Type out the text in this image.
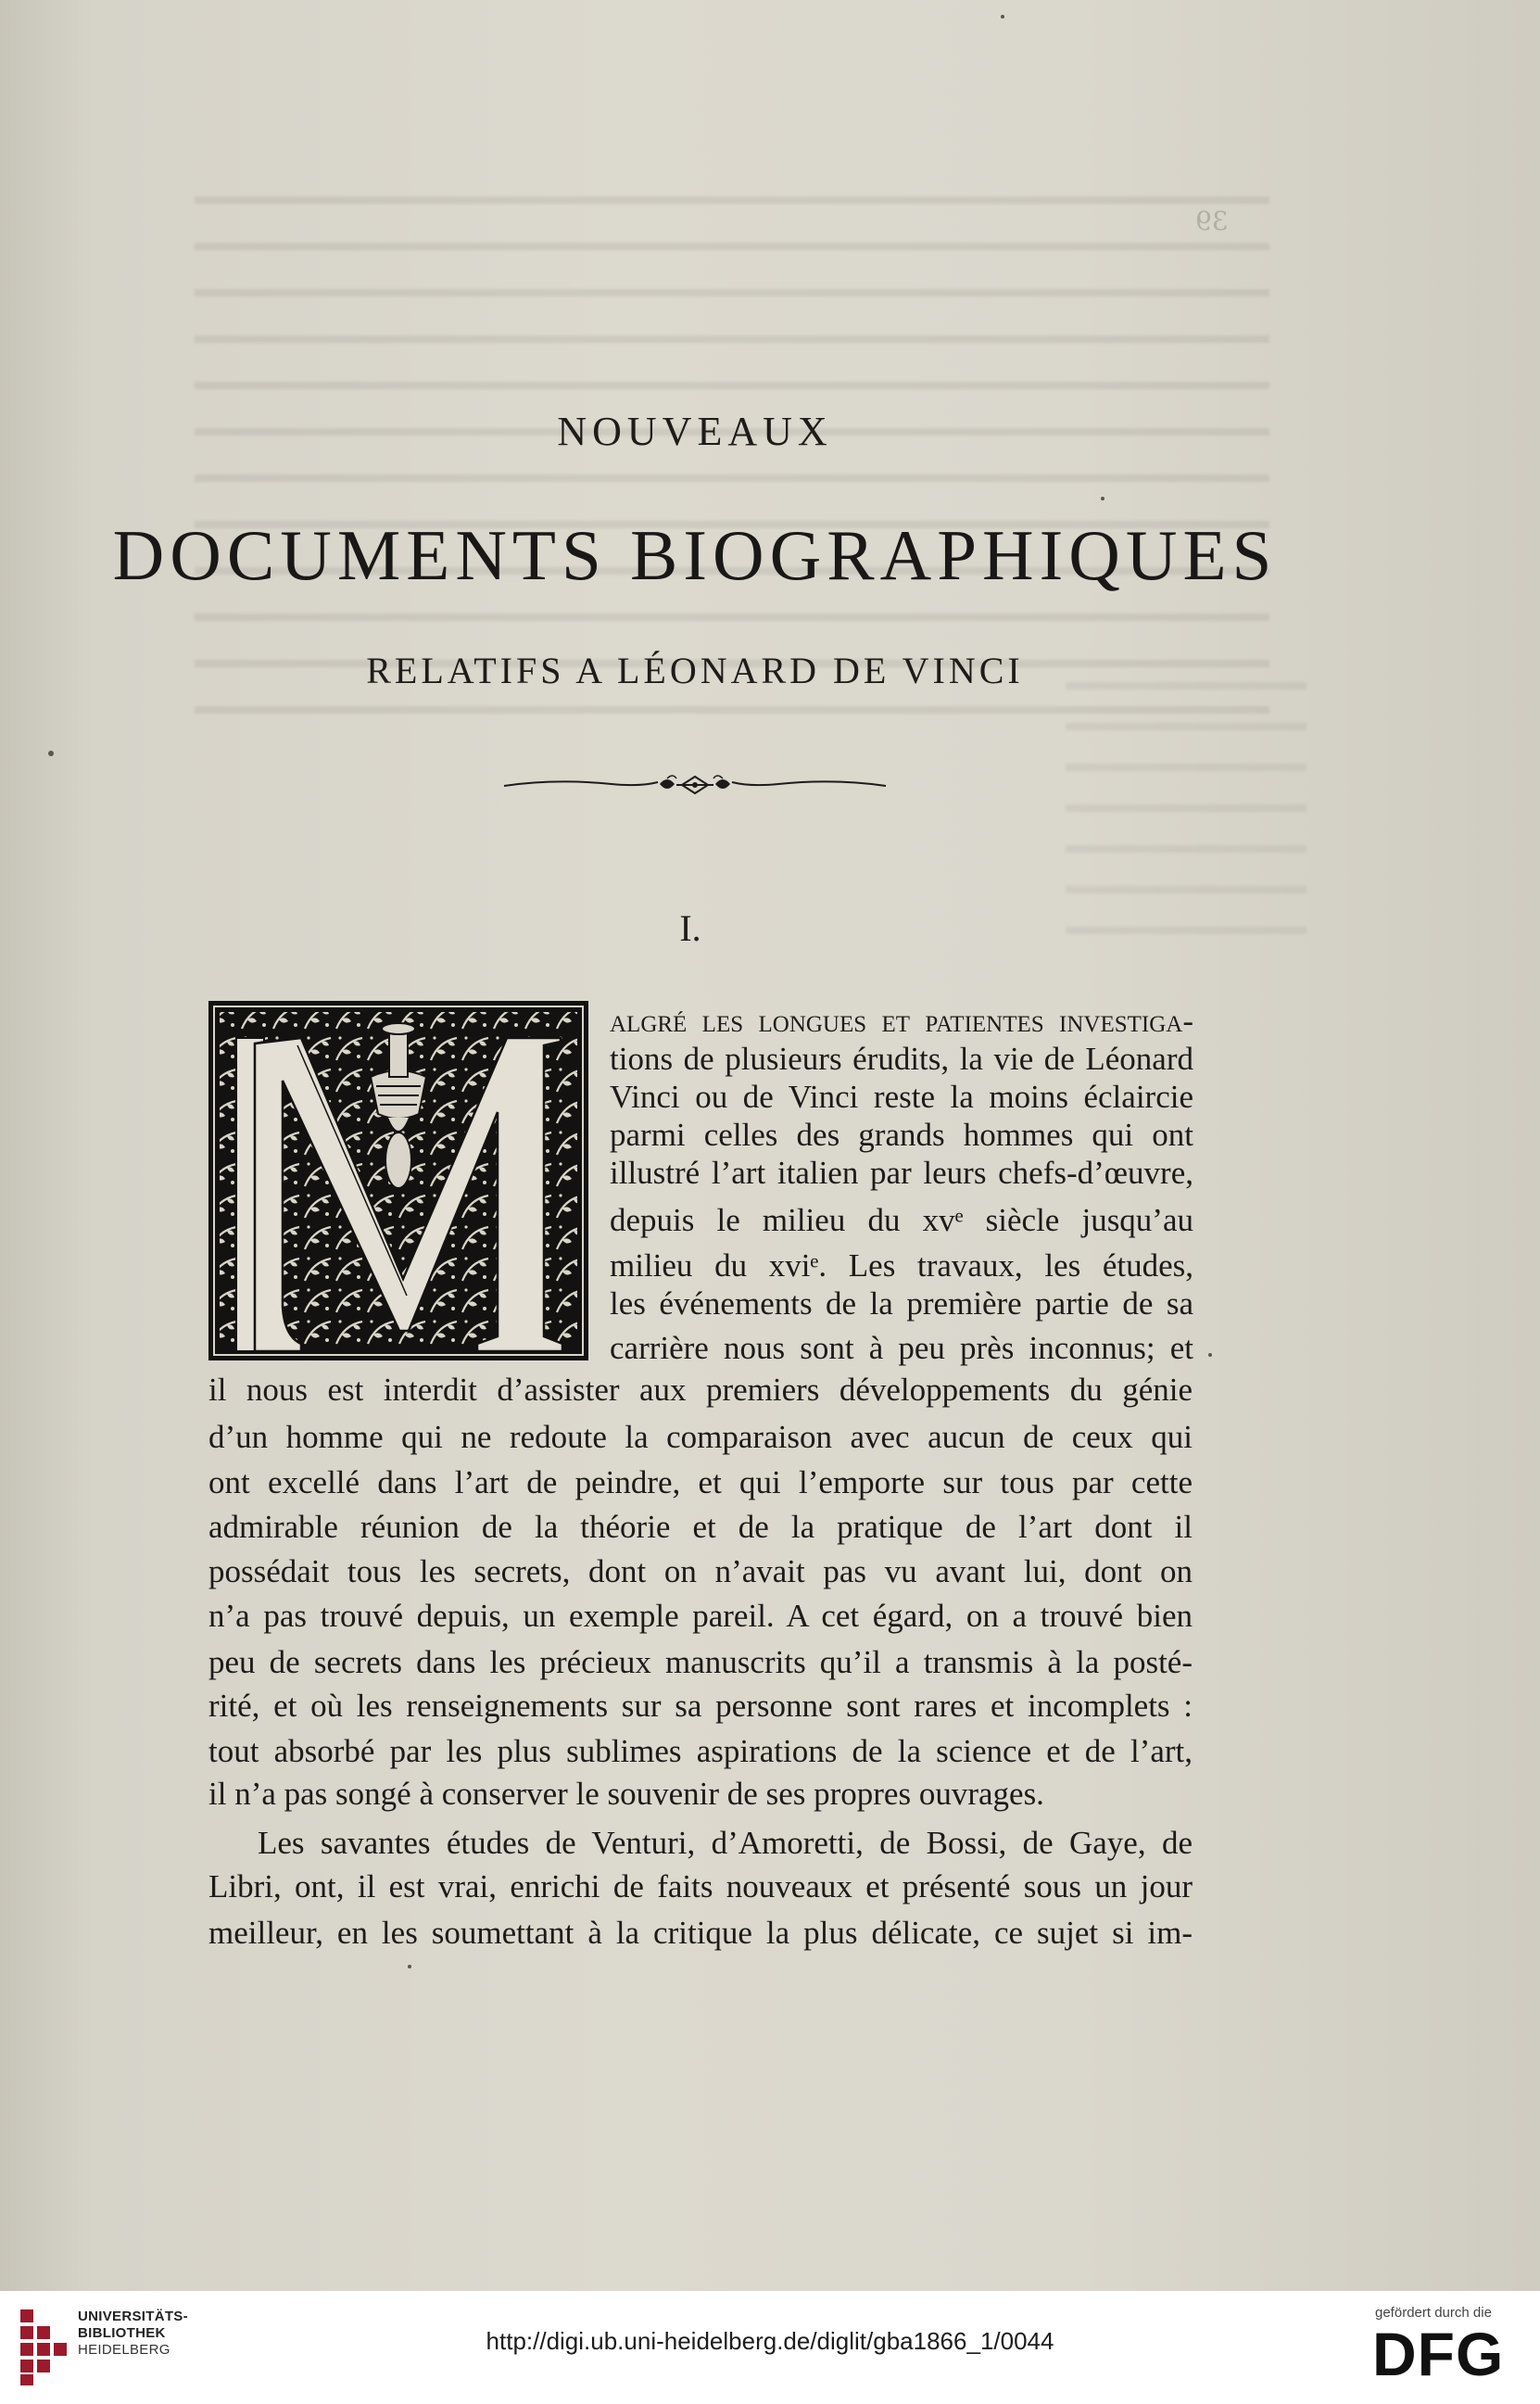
39
NOUVEAUX
DOCUMENTS BIOGRAPHIQUES
RELATIFS A LÉONARD DE VINCI
I.
algré les longues et patientes investiga-
tions de plusieurs érudits, la vie de Léonard
Vinci ou de Vinci reste la moins éclaircie
parmi celles des grands hommes qui ont
illustré l’art italien par leurs chefs-d’œuvre,
depuis le milieu du xvᵉ siècle jusqu’au
milieu du xviᵉ. Les travaux, les études,
les événements de la première partie de sa
carrière nous sont à peu près inconnus; et
il nous est interdit d’assister aux premiers développements du génie
d’un homme qui ne redoute la comparaison avec aucun de ceux qui
ont excellé dans l’art de peindre, et qui l’emporte sur tous par cette
admirable réunion de la théorie et de la pratique de l’art dont il
possédait tous les secrets, dont on n’avait pas vu avant lui, dont on
n’a pas trouvé depuis, un exemple pareil. A cet égard, on a trouvé bien
peu de secrets dans les précieux manuscrits qu’il a transmis à la posté-
rité, et où les renseignements sur sa personne sont rares et incomplets :
tout absorbé par les plus sublimes aspirations de la science et de l’art,
il n’a pas songé à conserver le souvenir de ses propres ouvrages.
Les savantes études de Venturi, d’Amoretti, de Bossi, de Gaye, de
Libri, ont, il est vrai, enrichi de faits nouveaux et présenté sous un jour
meilleur, en les soumettant à la critique la plus délicate, ce sujet si im-
UNIVERSITÄTS-
BIBLIOTHEK
HEIDELBERG	http://digi.ub.uni-heidelberg.de/diglit/gba1866_1/0044
gefördert durch die
DFG
